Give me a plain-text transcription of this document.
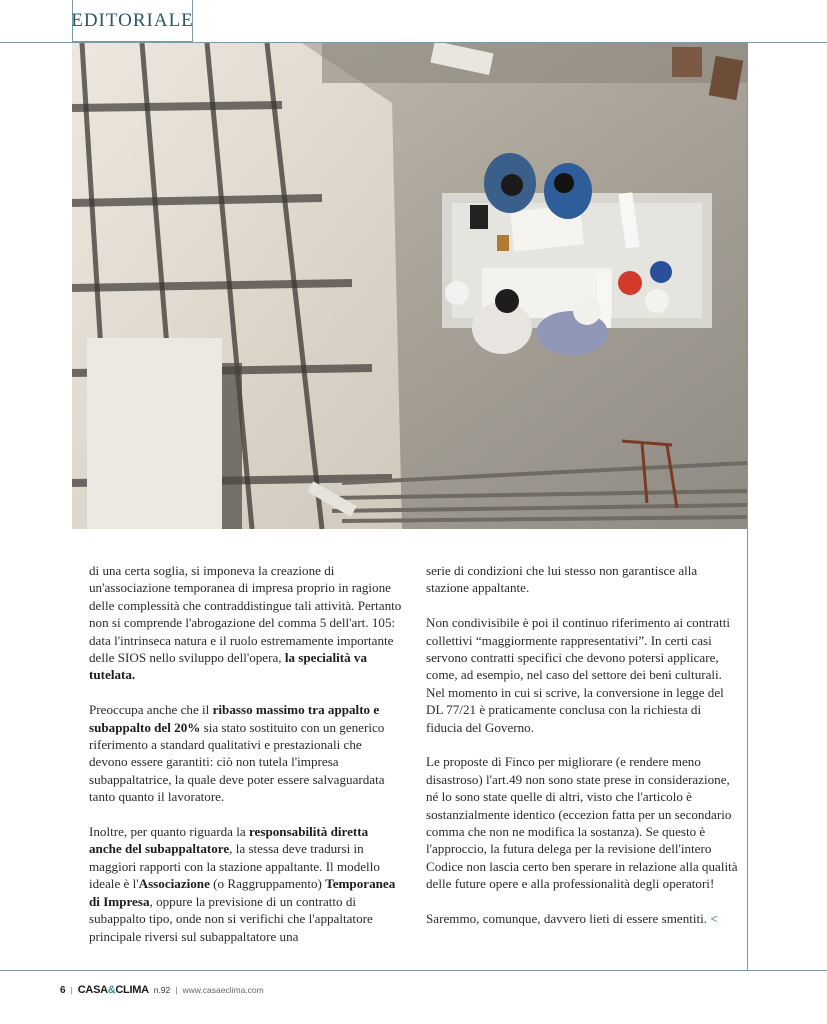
EDITORIALE

di una certa soglia, si imponeva la creazione di un'associazione temporanea di impresa proprio in ragione delle complessità che contraddistingue tali attività. Pertanto non si comprende l'abrogazione del comma 5 dell'art. 105: data l'intrinseca natura e il ruolo estremamente importante delle SIOS nello sviluppo dell'opera, la specialità va tutelata.

Preoccupa anche che il ribasso massimo tra appalto e subappalto del 20% sia stato sostituito con un generico riferimento a standard qualitativi e prestazionali che devono essere garantiti: ciò non tutela l'impresa subappaltatrice, la quale deve poter essere salvaguardata tanto quanto il lavoratore.

Inoltre, per quanto riguarda la responsabilità diretta anche del subappaltatore, la stessa deve tradursi in maggiori rapporti con la stazione appaltante. Il modello ideale è l'Associazione (o Raggruppamento) Temporanea di Impresa, oppure la previsione di un contratto di subappalto tipo, onde non si verifichi che l'appaltatore principale riversi sul subappaltatore una

serie di condizioni che lui stesso non garantisce alla stazione appaltante.

Non condivisibile è poi il continuo riferimento ai contratti collettivi “maggiormente rappresentativi”. In certi casi servono contratti specifici che devono potersi applicare, come, ad esempio, nel caso del settore dei beni culturali. Nel momento in cui si scrive, la conversione in legge del DL 77/21 è praticamente conclusa con la richiesta di fiducia del Governo.

Le proposte di Finco per migliorare (e rendere meno disastroso) l'art.49 non sono state prese in considerazione, né lo sono state quelle di altri, visto che l'articolo è sostanzialmente identico (eccezion fatta per un secondario comma che non ne modifica la sostanza). Se questo è l'approccio, la futura delega per la revisione dell'intero Codice non lascia certo ben sperare in relazione alla qualità delle future opere e alla professionalità degli operatori!

Saremmo, comunque, davvero lieti di essere smentiti. <

6 | CASA&CLIMA n.92 | www.casaeclima.com
